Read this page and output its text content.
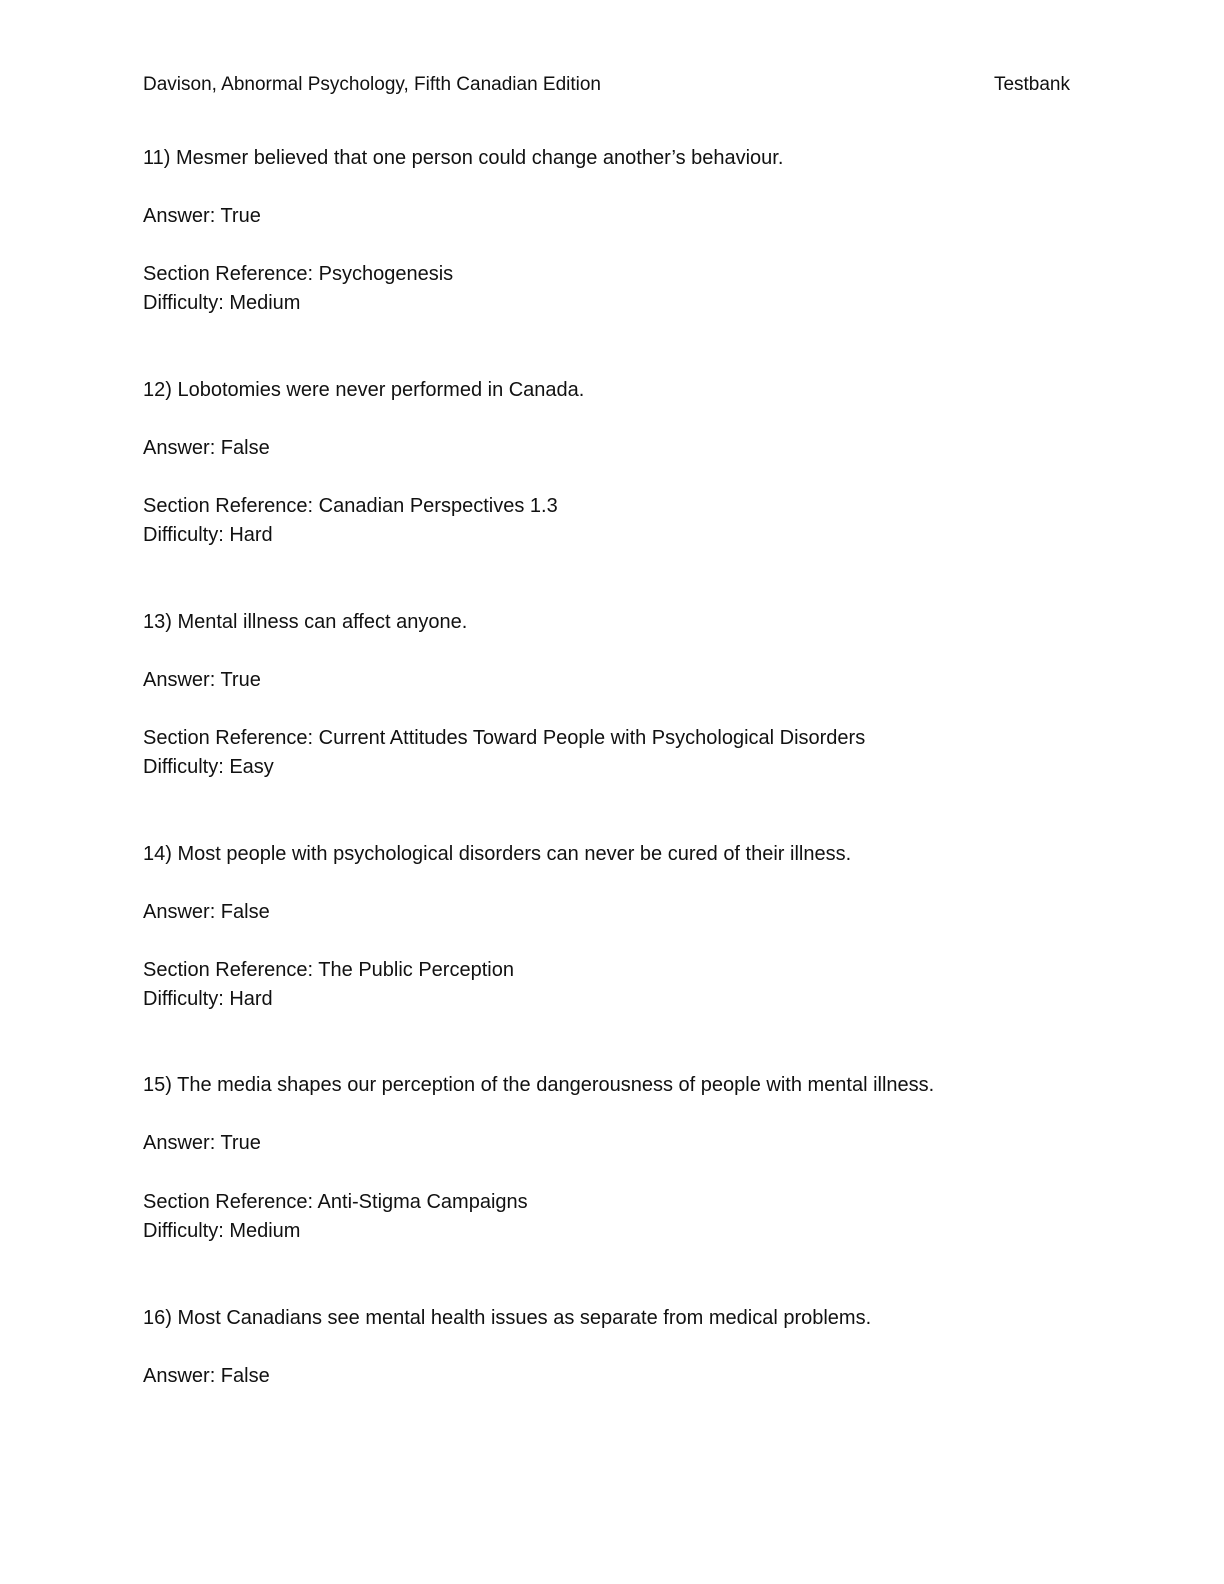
Davison, Abnormal Psychology, Fifth Canadian Edition	Testbank
11) Mesmer believed that one person could change another’s behaviour.
Answer: True
Section Reference: Psychogenesis
Difficulty: Medium
12) Lobotomies were never performed in Canada.
Answer: False
Section Reference: Canadian Perspectives 1.3
Difficulty: Hard
13) Mental illness can affect anyone.
Answer: True
Section Reference: Current Attitudes Toward People with Psychological Disorders
Difficulty: Easy
14) Most people with psychological disorders can never be cured of their illness.
Answer: False
Section Reference: The Public Perception
Difficulty: Hard
15) The media shapes our perception of the dangerousness of people with mental illness.
Answer: True
Section Reference: Anti-Stigma Campaigns
Difficulty: Medium
16) Most Canadians see mental health issues as separate from medical problems.
Answer: False
